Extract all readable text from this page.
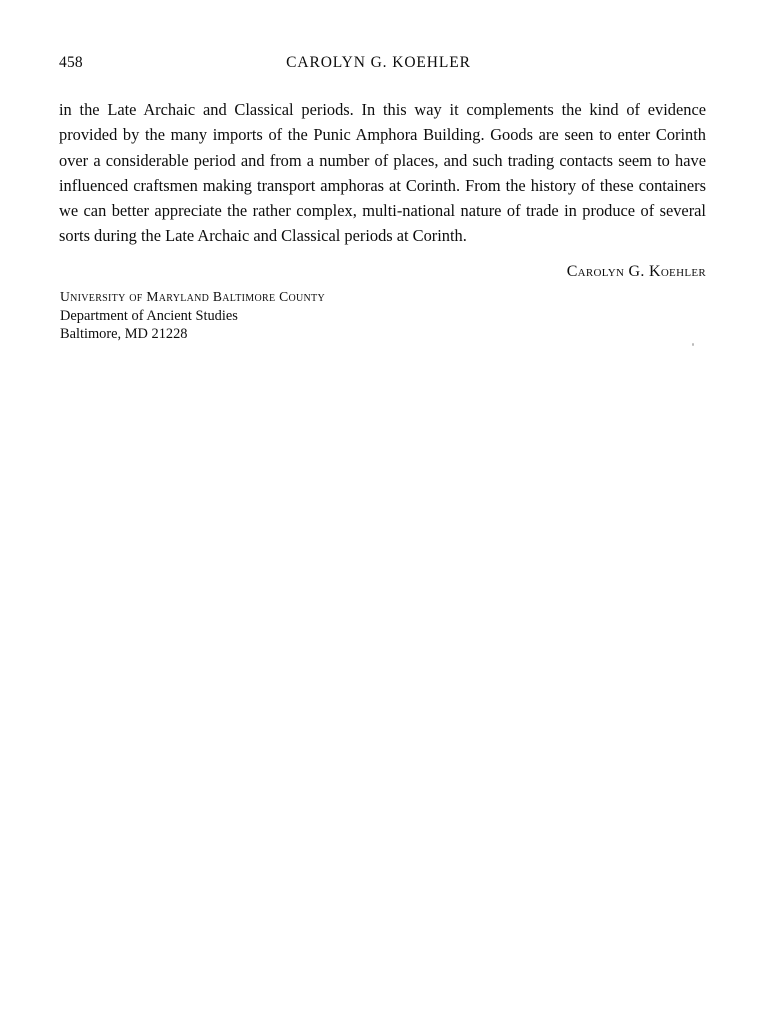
458	CAROLYN G. KOEHLER
in the Late Archaic and Classical periods. In this way it complements the kind of evidence provided by the many imports of the Punic Amphora Building. Goods are seen to enter Corinth over a considerable period and from a number of places, and such trading contacts seem to have influenced craftsmen making transport amphoras at Corinth. From the history of these containers we can better appreciate the rather complex, multi-national nature of trade in produce of several sorts during the Late Archaic and Classical periods at Corinth.
Carolyn G. Koehler
University of Maryland Baltimore County
Department of Ancient Studies
Baltimore, MD 21228
